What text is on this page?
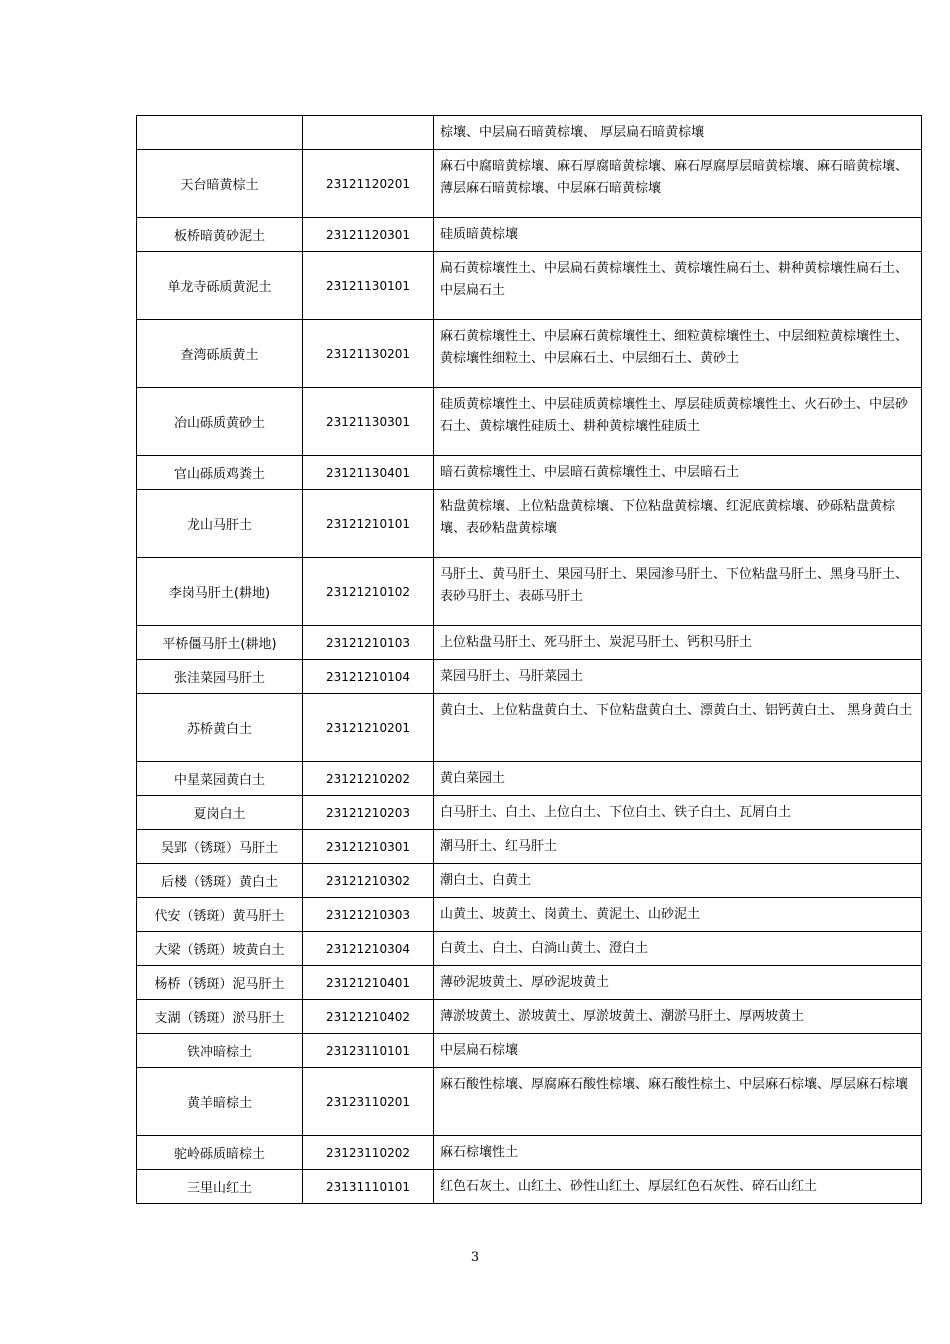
		棕壤、中层扁石暗黄棕壤、 厚层扁石暗黄棕壤
天台暗黄棕土	23121120201	麻石中腐暗黄棕壤、麻石厚腐暗黄棕壤、麻石厚腐厚层暗黄棕壤、麻石暗黄棕壤、薄层麻石暗黄棕壤、中层麻石暗黄棕壤
板桥暗黄砂泥土	23121120301	硅质暗黄棕壤
单龙寺砾质黄泥土	23121130101	扁石黄棕壤性土、中层扁石黄棕壤性土、黄棕壤性扁石土、耕种黄棕壤性扁石土、中层扁石土
查湾砾质黄土	23121130201	麻石黄棕壤性土、中层麻石黄棕壤性土、细粒黄棕壤性土、中层细粒黄棕壤性土、黄棕壤性细粒土、中层麻石土、中层细石土、黄砂土
冶山砾质黄砂土	23121130301	硅质黄棕壤性土、中层硅质黄棕壤性土、厚层硅质黄棕壤性土、火石砂土、中层砂石土、黄棕壤性硅质土、耕种黄棕壤性硅质土
官山砾质鸡粪土	23121130401	暗石黄棕壤性土、中层暗石黄棕壤性土、中层暗石土
龙山马肝土	23121210101	粘盘黄棕壤、上位粘盘黄棕壤、下位粘盘黄棕壤、红泥底黄棕壤、砂砾粘盘黄棕壤、表砂粘盘黄棕壤
李岗马肝土(耕地)	23121210102	马肝土、黄马肝土、果园马肝土、果园渗马肝土、下位粘盘马肝土、黑身马肝土、表砂马肝土、表砾马肝土
平桥僵马肝土(耕地)	23121210103	上位粘盘马肝土、死马肝土、炭泥马肝土、钙积马肝土
张洼菜园马肝土	23121210104	菜园马肝土、马肝菜园土
苏桥黄白土	23121210201	黄白土、上位粘盘黄白土、下位粘盘黄白土、漂黄白土、铝钙黄白土、 黑身黄白土
中星菜园黄白土	23121210202	黄白菜园土
夏岗白土	23121210203	白马肝土、白土、上位白土、下位白土、铁子白土、瓦屑白土
吴郢（锈斑）马肝土	23121210301	潮马肝土、红马肝土
后楼（锈斑）黄白土	23121210302	潮白土、白黄土
代安（锈斑）黄马肝土	23121210303	山黄土、坡黄土、岗黄土、黄泥土、山砂泥土
大梁（锈斑）坡黄白土	23121210304	白黄土、白土、白淌山黄土、澄白土
杨桥（锈斑）泥马肝土	23121210401	薄砂泥坡黄土、厚砂泥坡黄土
支湖（锈斑）淤马肝土	23121210402	薄淤坡黄土、淤坡黄土、厚淤坡黄土、潮淤马肝土、厚两坡黄土
铁冲暗棕土	23123110101	中层扁石棕壤
黄羊暗棕土	23123110201	麻石酸性棕壤、厚腐麻石酸性棕壤、麻石酸性棕土、中层麻石棕壤、厚层麻石棕壤
驼岭砾质暗棕土	23123110202	麻石棕壤性土
三里山红土	23131110101	红色石灰土、山红土、砂性山红土、厚层红色石灰性、碎石山红土
3
